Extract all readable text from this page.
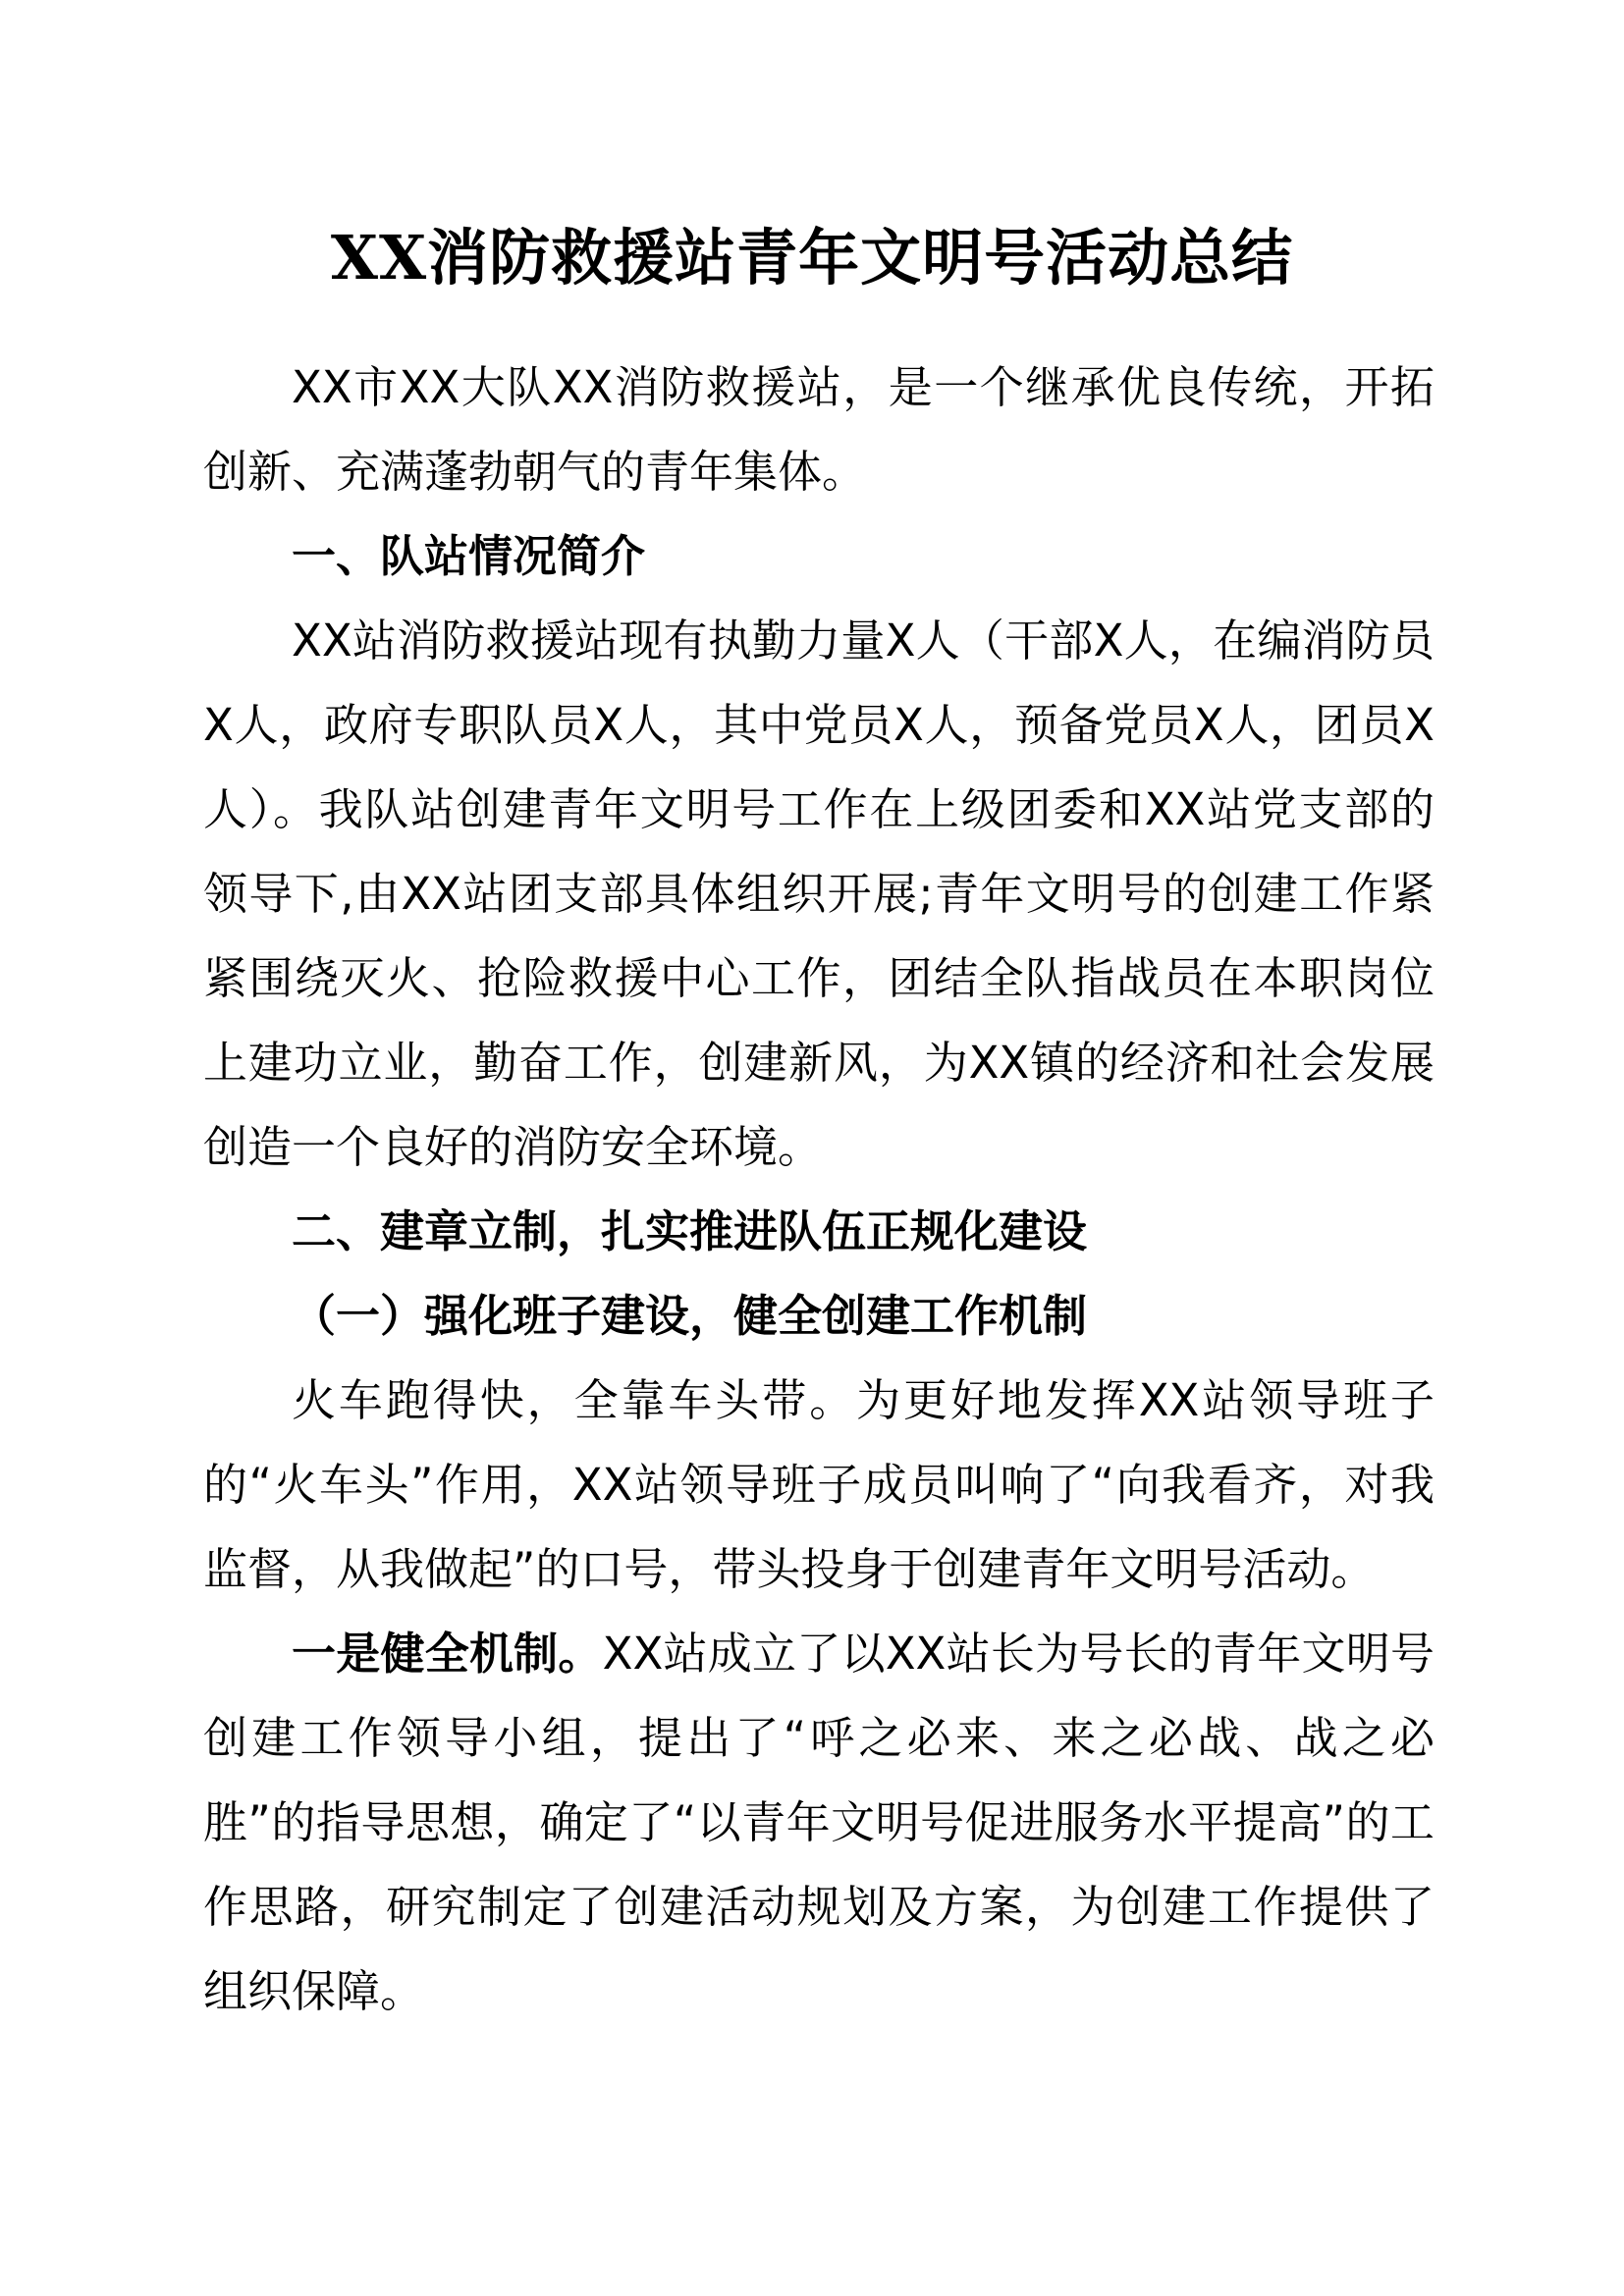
XX消防救援站青年文明号活动总结

XX市XX大队XX消防救援站，是一个继承优良传统，开拓创新、充满蓬勃朝气的青年集体。

一、队站情况简介

XX站消防救援站现有执勤力量X人（干部X人，在编消防员X人，政府专职队员X人，其中党员X人，预备党员X人，团员X人）。我队站创建青年文明号工作在上级团委和XX站党支部的领导下,由XX站团支部具体组织开展;青年文明号的创建工作紧紧围绕灭火、抢险救援中心工作，团结全队指战员在本职岗位上建功立业，勤奋工作，创建新风，为XX镇的经济和社会发展创造一个良好的消防安全环境。

二、建章立制，扎实推进队伍正规化建设

（一）强化班子建设，健全创建工作机制

火车跑得快，全靠车头带。为更好地发挥XX站领导班子的“火车头”作用，XX站领导班子成员叫响了“向我看齐，对我监督，从我做起”的口号，带头投身于创建青年文明号活动。

一是健全机制。XX站成立了以XX站长为号长的青年文明号创建工作领导小组，提出了“呼之必来、来之必战、战之必胜”的指导思想，确定了“以青年文明号促进服务水平提高”的工作思路，研究制定了创建活动规划及方案，为创建工作提供了组织保障。
